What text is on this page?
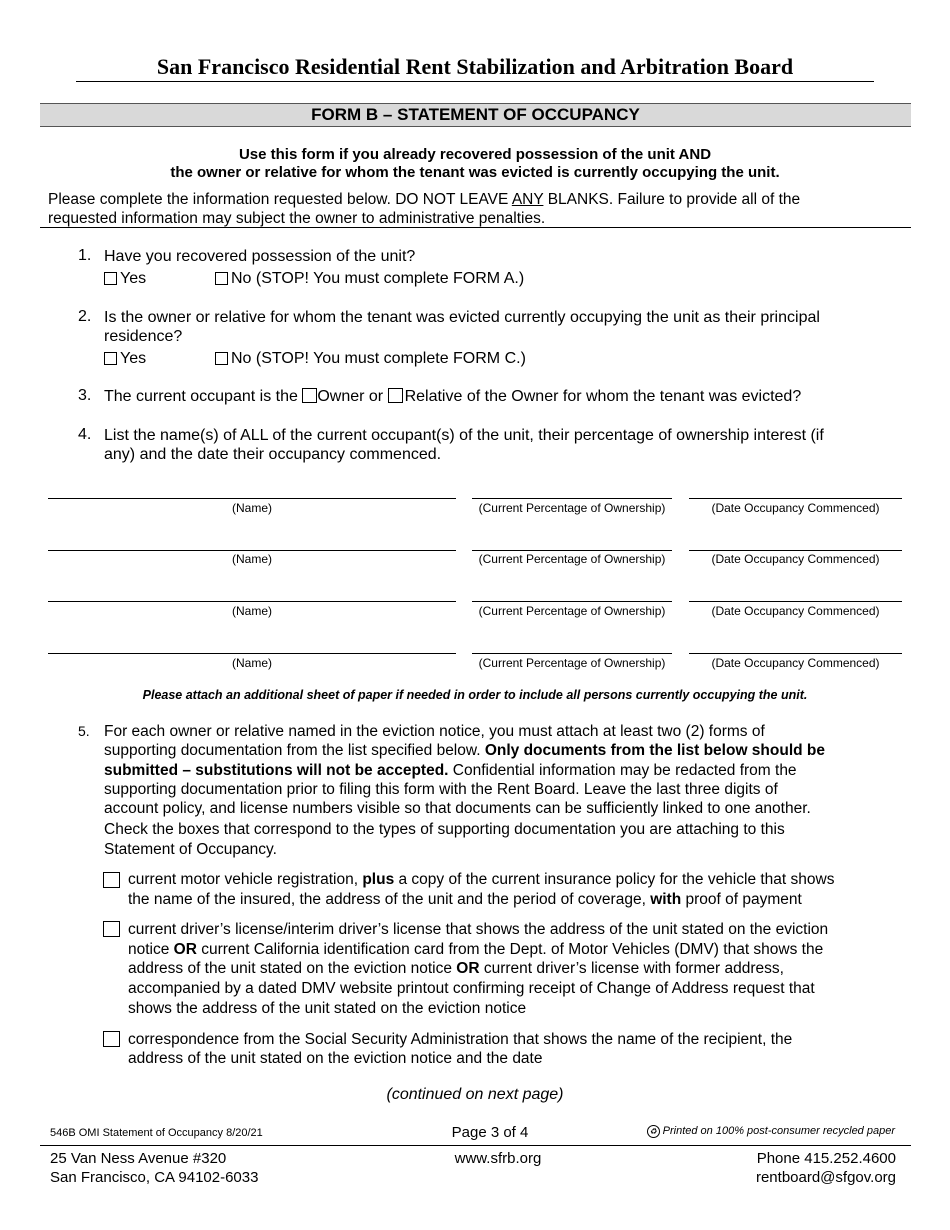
San Francisco Residential Rent Stabilization and Arbitration Board
FORM B – STATEMENT OF OCCUPANCY
Use this form if you already recovered possession of the unit AND
the owner or relative for whom the tenant was evicted is currently occupying the unit.
Please complete the information requested below. DO NOT LEAVE ANY BLANKS. Failure to provide all of the
requested information may subject the owner to administrative penalties.
1. Have you recovered possession of the unit?
Yes	No (STOP! You must complete FORM A.)
2. Is the owner or relative for whom the tenant was evicted currently occupying the unit as their principal
residence?
Yes	No (STOP! You must complete FORM C.)
3. The current occupant is the Owner or Relative of the Owner for whom the tenant was evicted?
4. List the name(s) of ALL of the current occupant(s) of the unit, their percentage of ownership interest (if
any) and the date their occupancy commenced.
(Name)	(Current Percentage of Ownership)	(Date Occupancy Commenced)
(Name)	(Current Percentage of Ownership)	(Date Occupancy Commenced)
(Name)	(Current Percentage of Ownership)	(Date Occupancy Commenced)
(Name)	(Current Percentage of Ownership)	(Date Occupancy Commenced)
Please attach an additional sheet of paper if needed in order to include all persons currently occupying the unit.
5. For each owner or relative named in the eviction notice, you must attach at least two (2) forms of
supporting documentation from the list specified below. Only documents from the list below should be
submitted – substitutions will not be accepted. Confidential information may be redacted from the
supporting documentation prior to filing this form with the Rent Board. Leave the last three digits of
account policy, and license numbers visible so that documents can be sufficiently linked to one another.
Check the boxes that correspond to the types of supporting documentation you are attaching to this
Statement of Occupancy.
current motor vehicle registration, plus a copy of the current insurance policy for the vehicle that shows
the name of the insured, the address of the unit and the period of coverage, with proof of payment
current driver’s license/interim driver’s license that shows the address of the unit stated on the eviction
notice OR current California identification card from the Dept. of Motor Vehicles (DMV) that shows the
address of the unit stated on the eviction notice OR current driver’s license with former address,
accompanied by a dated DMV website printout confirming receipt of Change of Address request that
shows the address of the unit stated on the eviction notice
correspondence from the Social Security Administration that shows the name of the recipient, the
address of the unit stated on the eviction notice and the date
(continued on next page)
546B OMI Statement of Occupancy 8/20/21	Page 3 of 4	♻ Printed on 100% post-consumer recycled paper
25 Van Ness Avenue #320
San Francisco, CA 94102-6033
www.sfrb.org	Phone 415.252.4600
rentboard@sfgov.org
